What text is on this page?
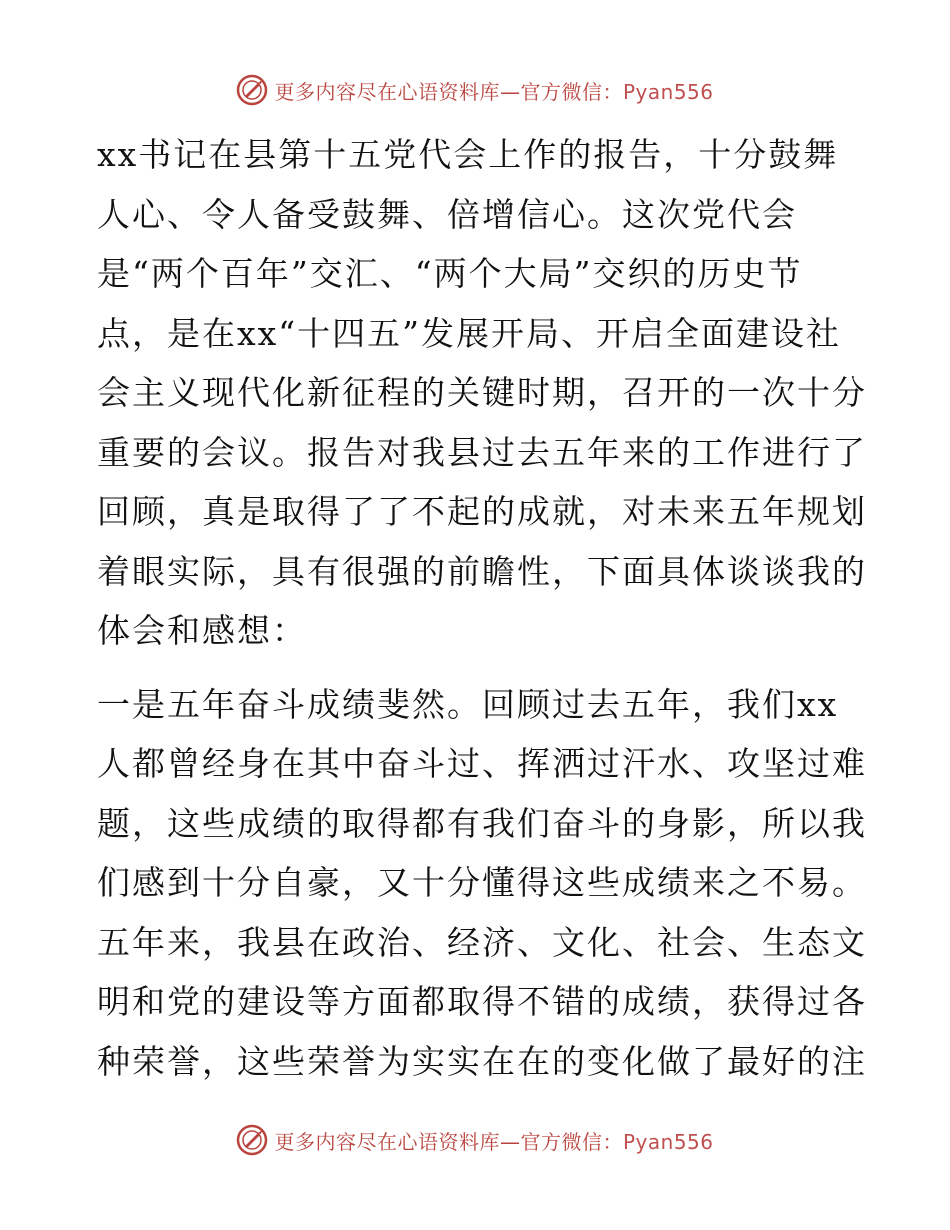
更多内容尽在心语资料库—官方微信：Pyan556
xx书记在县第十五党代会上作的报告，十分鼓舞
人心、令人备受鼓舞、倍增信心。这次党代会
是“两个百年”交汇、“两个大局”交织的历史节
点，是在xx“十四五”发展开局、开启全面建设社
会主义现代化新征程的关键时期，召开的一次十分
重要的会议。报告对我县过去五年来的工作进行了
回顾，真是取得了了不起的成就，对未来五年规划
着眼实际，具有很强的前瞻性，下面具体谈谈我的
体会和感想：
一是五年奋斗成绩斐然。回顾过去五年，我们xx
人都曾经身在其中奋斗过、挥洒过汗水、攻坚过难
题，这些成绩的取得都有我们奋斗的身影，所以我
们感到十分自豪，又十分懂得这些成绩来之不易。
五年来，我县在政治、经济、文化、社会、生态文
明和党的建设等方面都取得不错的成绩，获得过各
种荣誉，这些荣誉为实实在在的变化做了最好的注
更多内容尽在心语资料库—官方微信：Pyan556
